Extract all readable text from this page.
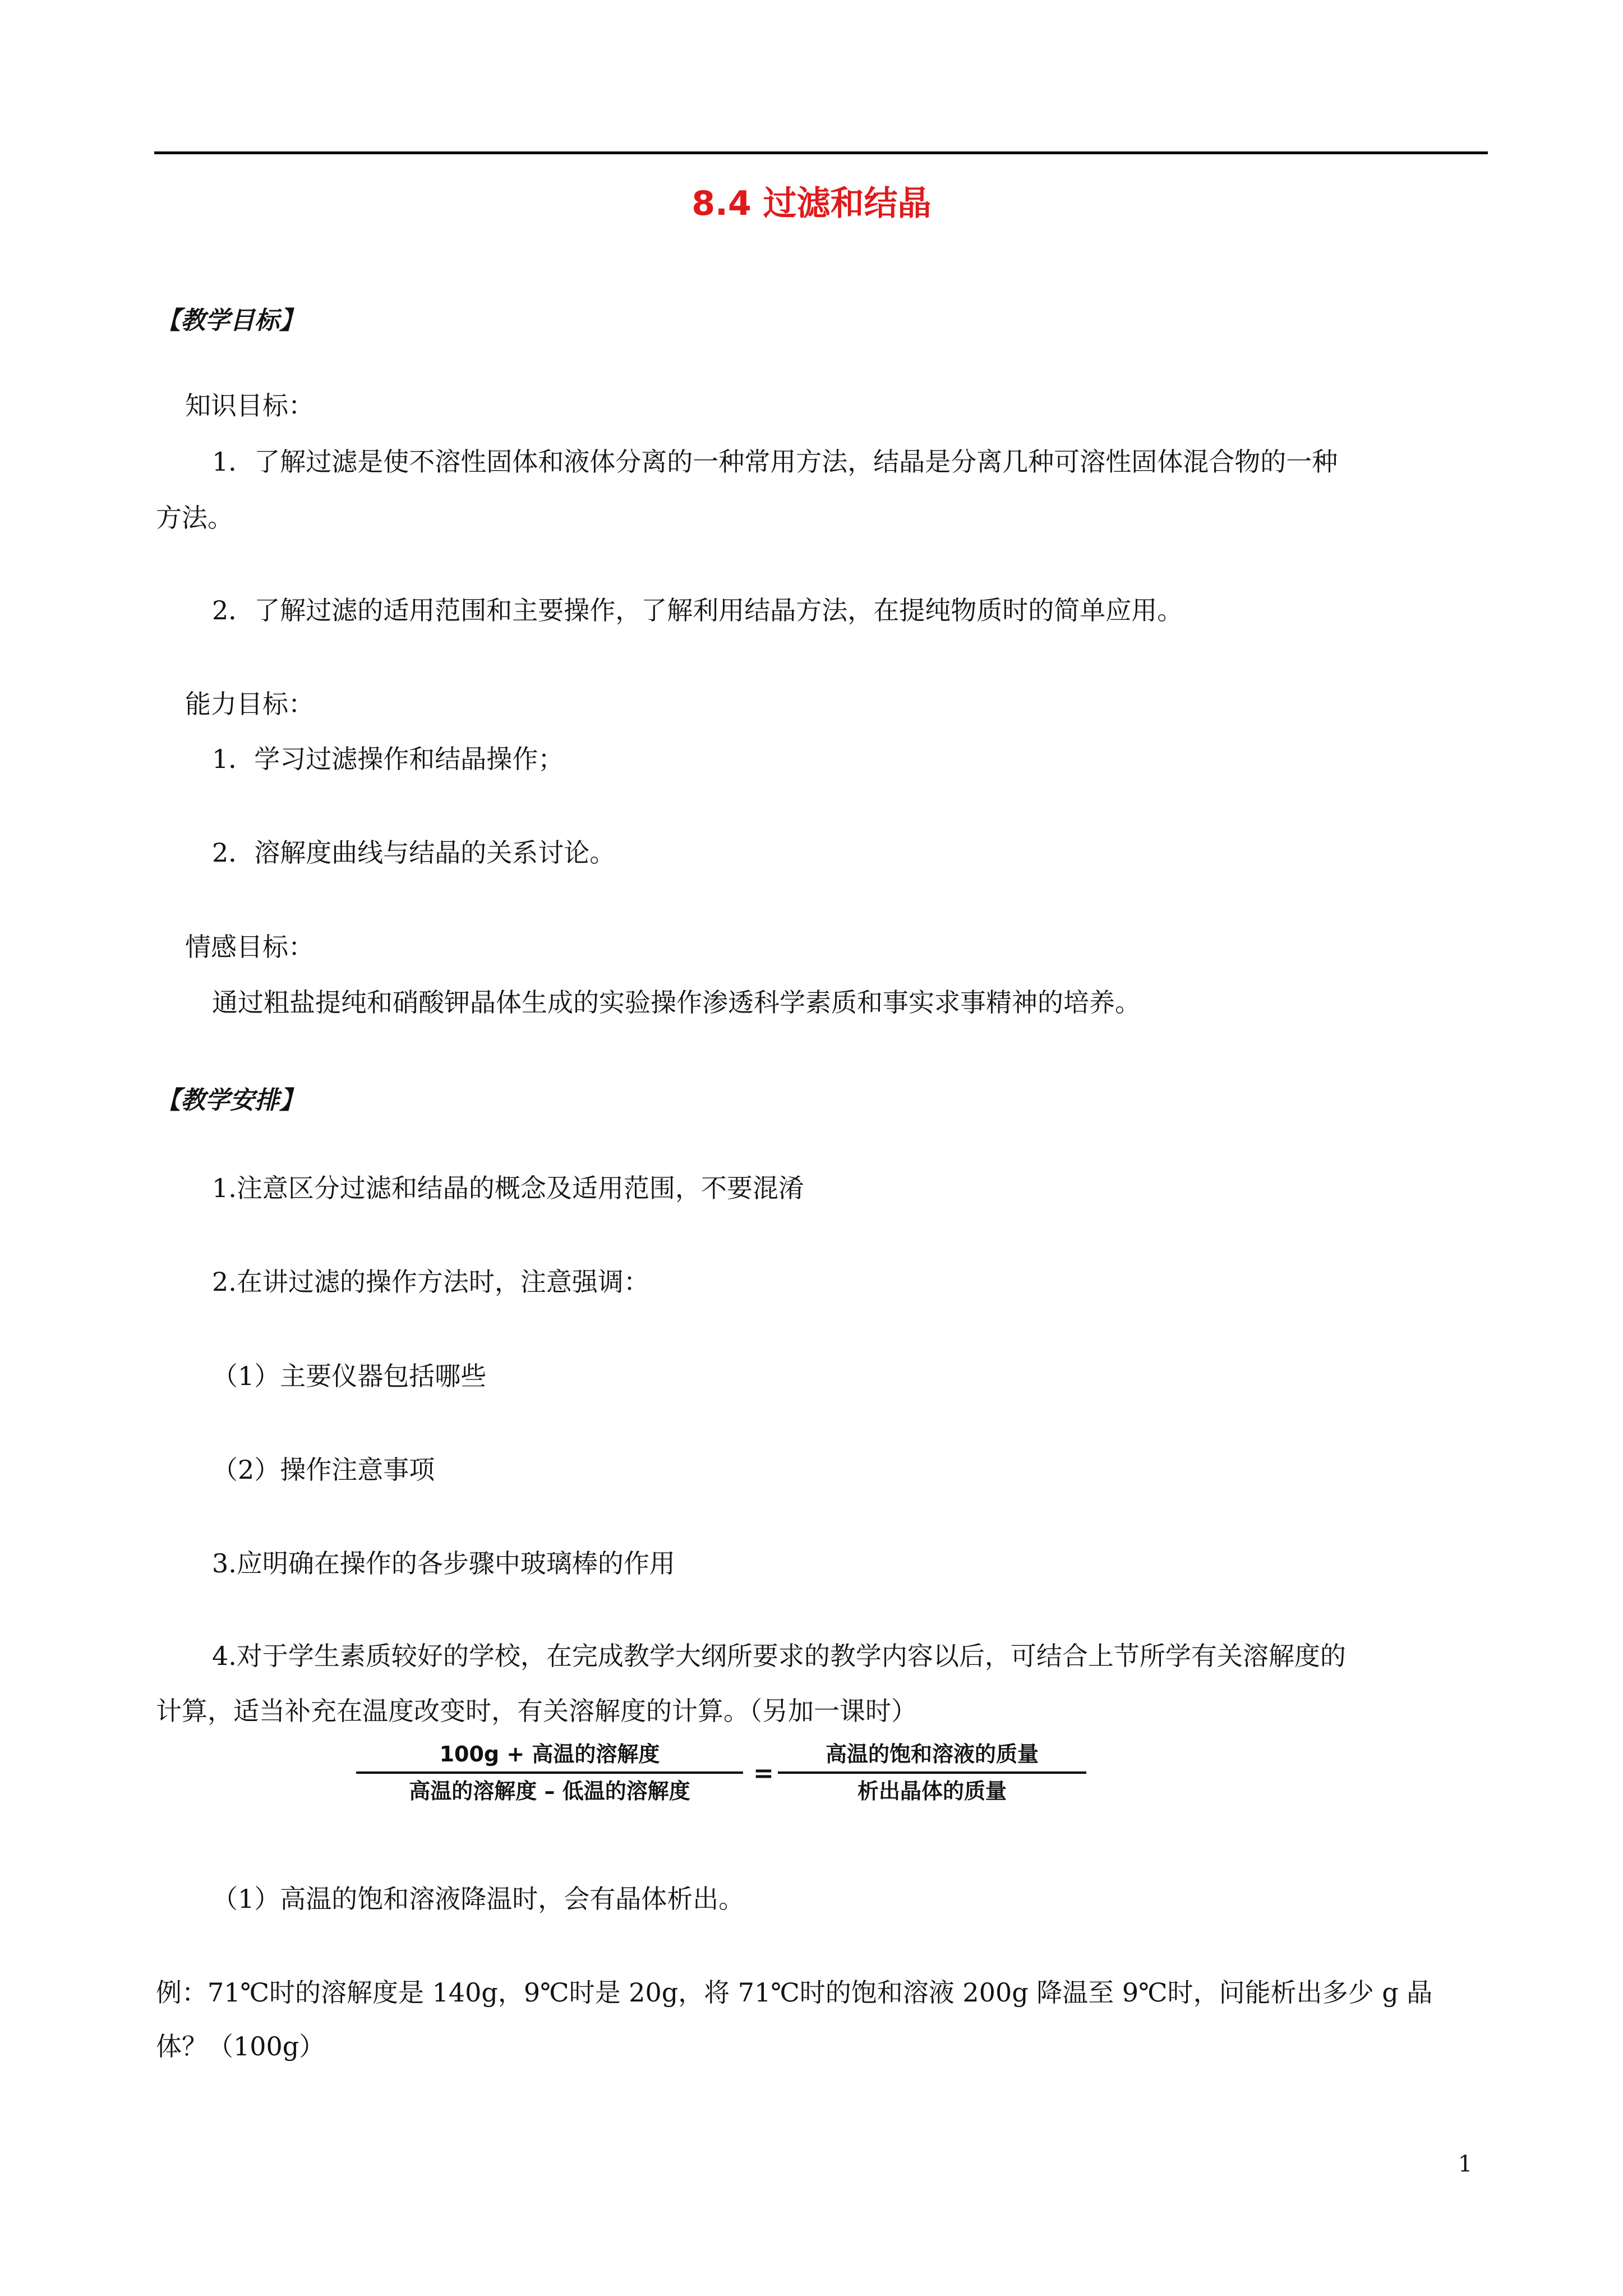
8.4 过滤和结晶
【教学目标】
知识目标：
1．了解过滤是使不溶性固体和液体分离的一种常用方法，结晶是分离几种可溶性固体混合物的一种
方法。
2．了解过滤的适用范围和主要操作，了解利用结晶方法，在提纯物质时的简单应用。
能力目标：
1．学习过滤操作和结晶操作；
2．溶解度曲线与结晶的关系讨论。
情感目标：
通过粗盐提纯和硝酸钾晶体生成的实验操作渗透科学素质和事实求事精神的培养。
【教学安排】
1.注意区分过滤和结晶的概念及适用范围，不要混淆
2.在讲过滤的操作方法时，注意强调：
（1）主要仪器包括哪些
（2）操作注意事项
3.应明确在操作的各步骤中玻璃棒的作用
4.对于学生素质较好的学校，在完成教学大纲所要求的教学内容以后，可结合上节所学有关溶解度的
计算，适当补充在温度改变时，有关溶解度的计算。（另加一课时）
100g + 高温的溶解度
高温的溶解度 – 低温的溶解度
=
高温的饱和溶液的质量
析出晶体的质量
（1）高温的饱和溶液降温时，会有晶体析出。
例：71℃时的溶解度是 140g，9℃时是 20g，将 71℃时的饱和溶液 200g 降温至 9℃时，问能析出多少 g 晶
体？（100g）
1
